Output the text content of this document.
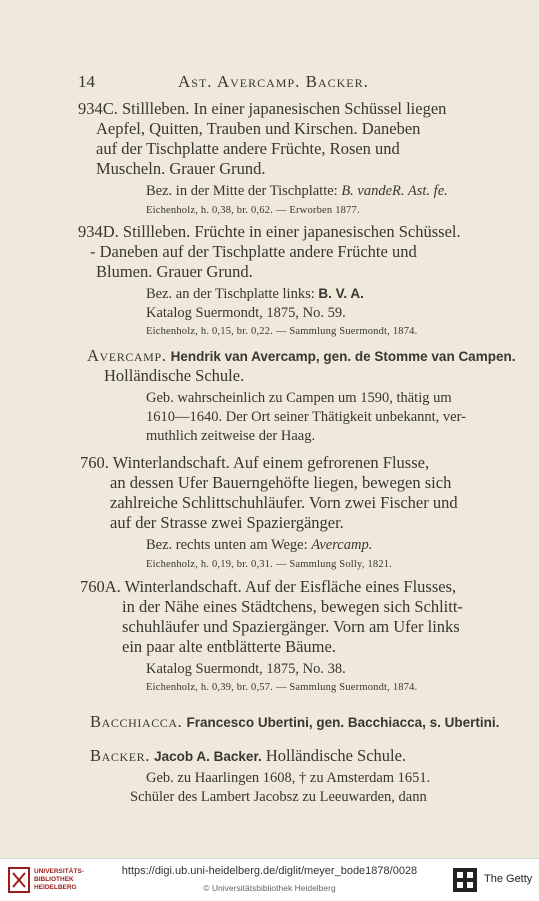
14	Ast. Avercamp. Backer.
934C. Stillleben. In einer japanesischen Schüssel liegen
Aepfel, Quitten, Trauben und Kirschen. Daneben
auf der Tischplatte andere Früchte, Rosen und
Muscheln. Grauer Grund.
Bez. in der Mitte der Tischplatte: B. vandeR. Ast. fe.
Eichenholz, h. 0,38, br. 0,62. — Erworben 1877.
934D. Stillleben. Früchte in einer japanesischen Schüssel.
- Daneben auf der Tischplatte andere Früchte und
Blumen. Grauer Grund.
Bez. an der Tischplatte links: B. V. A.
Katalog Suermondt, 1875, No. 59.
Eichenholz, h. 0,15, br. 0,22. — Sammlung Suermondt, 1874.
Avercamp. Hendrik van Avercamp, gen. de Stomme van Campen.
Holländische Schule.
Geb. wahrscheinlich zu Campen um 1590, thätig um
1610—1640. Der Ort seiner Thätigkeit unbekannt, ver-
muthlich zeitweise der Haag.
760. Winterlandschaft. Auf einem gefrorenen Flusse,
an dessen Ufer Bauerngehöfte liegen, bewegen sich
zahlreiche Schlittschuhläufer. Vorn zwei Fischer und
auf der Strasse zwei Spaziergänger.
Bez. rechts unten am Wege: Avercamp.
Eichenholz, h. 0,19, br. 0,31. — Sammlung Solly, 1821.
760A. Winterlandschaft. Auf der Eisfläche eines Flusses,
in der Nähe eines Städtchens, bewegen sich Schlitt-
schuhläufer und Spaziergänger. Vorn am Ufer links
ein paar alte entblätterte Bäume.
Katalog Suermondt, 1875, No. 38.
Eichenholz, h. 0,39, br. 0,57. — Sammlung Suermondt, 1874.
Bacchiacca. Francesco Ubertini, gen. Bacchiacca, s. Ubertini.
Backer. Jacob A. Backer. Holländische Schule.
Geb. zu Haarlingen 1608, † zu Amsterdam 1651.
Schüler des Lambert Jacobsz zu Leeuwarden, dann
UNIVERSITÄTS-
BIBLIOTHEK
HEIDELBERG
https://digi.ub.uni-heidelberg.de/diglit/meyer_bode1878/0028
© Universitätsbibliothek Heidelberg
The Getty
